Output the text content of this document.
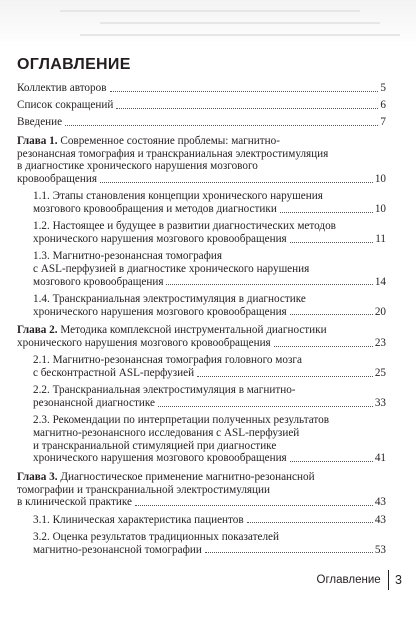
ОГЛАВЛЕНИЕ
Коллектив авторов	5
Список сокращений	6
Введение	7
Глава 1. Современное состояние проблемы: магнитно-
резонансная томография и транскраниальная электростимуляция
в диагностике хронического нарушения мозгового
кровообращения	10
1.1. Этапы становления концепции хронического нарушения
мозгового кровообращения и методов диагностики	10
1.2. Настоящее и будущее в развитии диагностических методов
хронического нарушения мозгового кровообращения	11
1.3. Магнитно-резонансная томография
с ASL-перфузией в диагностике хронического нарушения
мозгового кровообращения	14
1.4. Транскраниальная электростимуляция в диагностике
хронического нарушения мозгового кровообращения	20
Глава 2. Методика комплексной инструментальной диагностики
хронического нарушения мозгового кровообращения	23
2.1. Магнитно-резонансная томография головного мозга
с бесконтрастной ASL-перфузией	25
2.2. Транскраниальная электростимуляция в магнитно-
резонансной диагностике	33
2.3. Рекомендации по интерпретации полученных результатов
магнитно-резонансного исследования с ASL-перфузией
и транскраниальной стимуляцией при диагностике
хронического нарушения мозгового кровообращения	41
Глава 3. Диагностическое применение магнитно-резонансной
томографии и транскраниальной электростимуляции
в клинической практике	43
3.1. Клиническая характеристика пациентов	43
3.2. Оценка результатов традиционных показателей
магнитно-резонансной томографии	53
Оглавление 3
